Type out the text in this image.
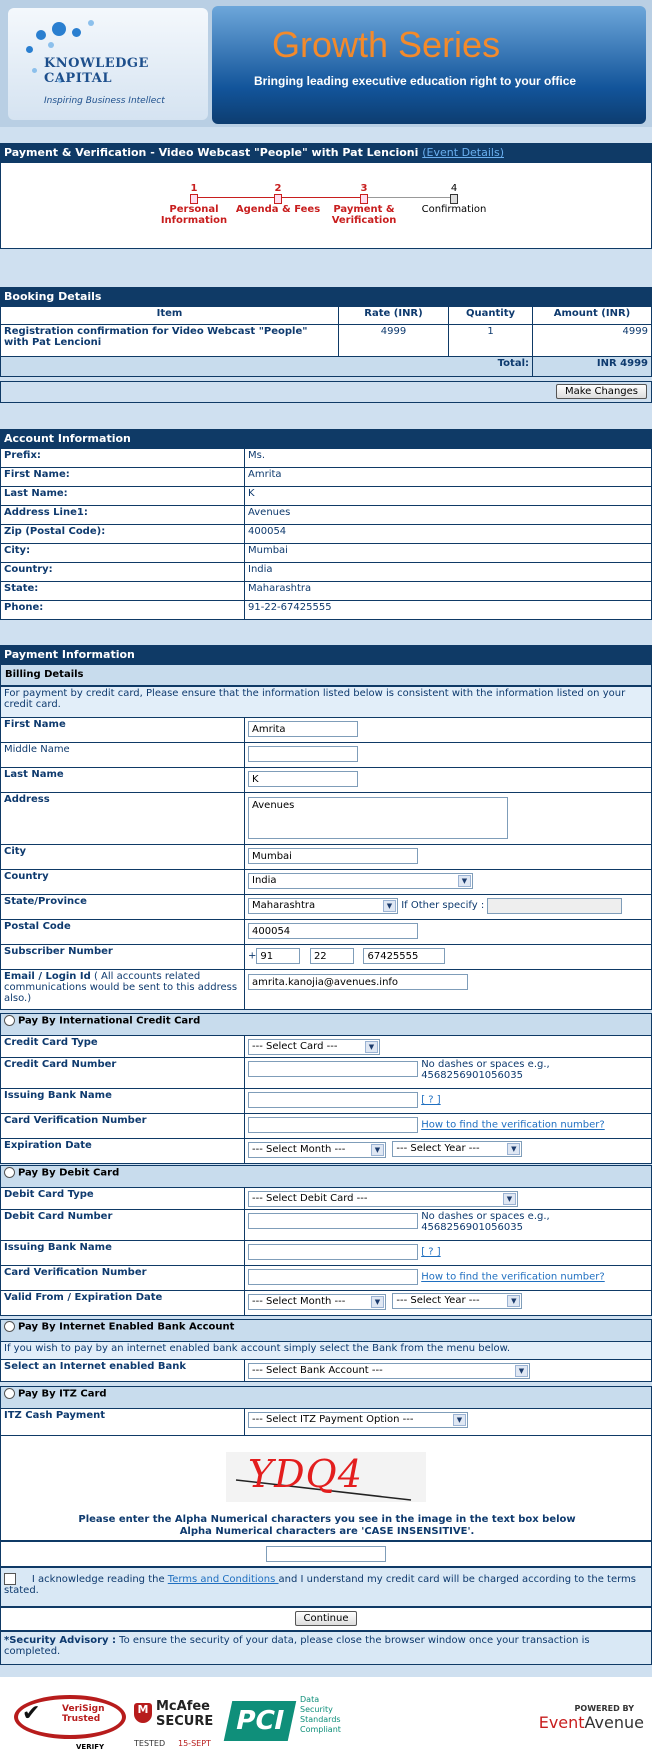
KNOWLEDGE CAPITAL
Inspiring Business Intellect
Growth Series
Bringing leading executive education right to your office
Payment & Verification - Video Webcast "People" with Pat Lencioni (Event Details)
1
Personal
Information
2
Agenda & Fees
3
Payment &
Verification
4
Confirmation
Booking Details
Item	Rate (INR)	Quantity	Amount (INR)
Registration confirmation for Video Webcast "People" with Pat Lencioni	4999	1	4999
Total:			INR 4999
Make Changes
Account Information
Prefix:	Ms.
First Name:	Amrita
Last Name:	K
Address Line1:	Avenues
Zip (Postal Code):	400054
City:	Mumbai
Country:	India
State:	Maharashtra
Phone:	91-22-67425555
Payment Information
Billing Details
For payment by credit card, Please ensure that the information listed below is consistent with the information listed on your credit card.	
First Name	Amrita
Middle Name	
Last Name	K
Address	Avenues

City	Mumbai
Country	India ▼

State/Province	Maharashtra ▼ If Other specify :
Postal Code	400054
Subscriber Number	+91   22   67425555
Email / Login Id ( All accounts related communications would be sent to this address also.)	amrita.kanojia@avenues.info
Pay By International Credit Card	
Credit Card Type	--- Select Card --- ▼

Credit Card Number	No dashes or spaces e.g., 4568256901056035
Issuing Bank Name	[ ? ]
Card Verification Number	How to find the verification number?
Expiration Date	--- Select Month --- ▼ --- Select Year --- ▼
Pay By Debit Card	
Debit Card Type	--- Select Debit Card --- ▼

Debit Card Number	No dashes or spaces e.g., 4568256901056035
Issuing Bank Name	[ ? ]
Card Verification Number	How to find the verification number?
Valid From / Expiration Date	--- Select Month --- ▼ --- Select Year --- ▼
Pay By Internet Enabled Bank Account
If you wish to pay by an internet enabled bank account simply select the Bank from the menu below.
Select an Internet enabled Bank	--- Select Bank Account ---	▼
Pay By ITZ Card
ITZ Cash Payment	--- Select ITZ Payment Option ---	▼
YDQ4
Please enter the Alpha Numerical characters you see in the image in the text box below
Alpha Numerical characters are 'CASE INSENSITIVE'.
I acknowledge reading the Terms and Conditions and I understand my credit card will be charged according to the terms stated.
Continue
*Security Advisory : To ensure the security of your data, please close the browser window once your transaction is completed.
✔ VeriSign
Trusted
VERIFY
M McAfee
SECURE
TESTED 15-SEPT
PCI
Data
Security
Standards
Compliant
POWERED BY
EventAvenue
